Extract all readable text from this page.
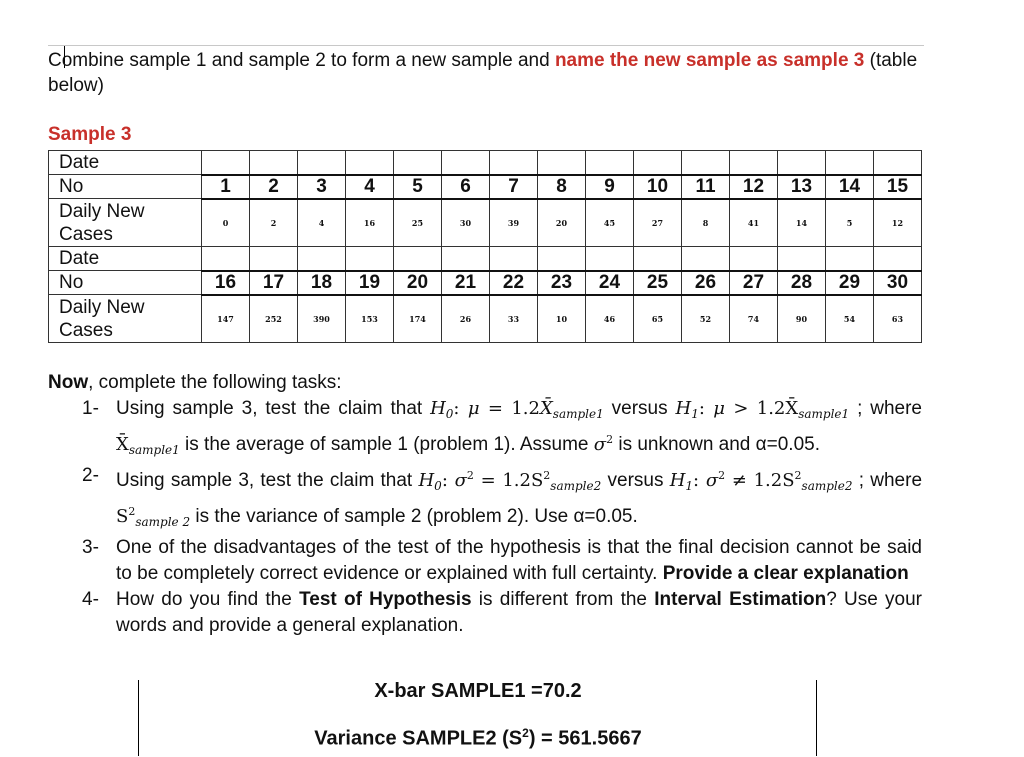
Combine sample 1 and sample 2 to form a new sample and name the new sample as sample 3 (table below)
Sample 3
Date															
No	1	2	3	4	5	6	7	8	9	10	11	12	13	14	15
Daily New Cases	0	2	4	16	25	30	39	20	45	27	8	41	14	5	12
Date															
No	16	17	18	19	20	21	22	23	24	25	26	27	28	29	30
Daily New Cases	147	252	390	153	174	26	33	10	46	65	52	74	90	54	63
Now, complete the following tasks:
1- Using sample 3, test the claim that $H_0$: $\mu = 1.2X̄_{sample1}$ versus $H_1$: $\mu > 1.2X̄_{sample1}$ ; where $X̄_{sample1}$ is the average of sample 1 (problem 1). Assume $\sigma^2$ is unknown and α=0.05.
2- Using sample 3, test the claim that $H_0$: $\sigma^2 = 1.2S^2_{sample2}$ versus $H_1$: $\sigma^2 \ne 1.2S^2_{sample2}$ ; where $S^2_{sample 2}$ is the variance of sample 2 (problem 2). Use α=0.05.
3- One of the disadvantages of the test of the hypothesis is that the final decision cannot be said to be completely correct evidence or explained with full certainty. Provide a clear explanation
4- How do you find the Test of Hypothesis is different from the Interval Estimation? Use your words and provide a general explanation.
X-bar SAMPLE1 =70.2
Variance SAMPLE2 $(S^2) = 561.5667$
